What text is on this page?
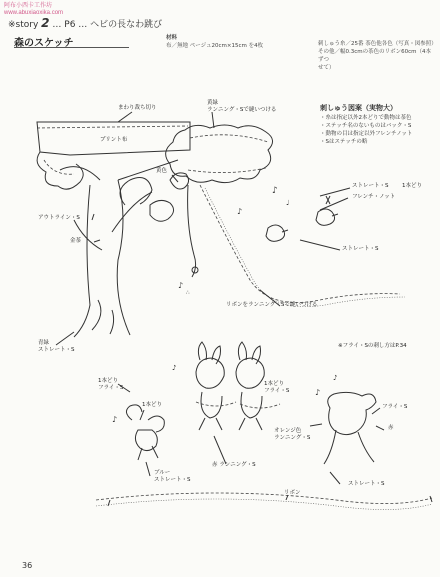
♪
♪
♪
♩
♪
♪
♪
♪
阿布小西卡工作坊
www.abuxiaoxika.com
※story 2 … P6 … ヘビの長なわ跳び
森のスケッチ	材料
布／無地 ページュ20cm×15cm を4枚	刺しゅう糸／25番 茶色他各色（写真・図参照）
その他／幅0.3cmの茶色のリボン60cm（4本ずつ
せて）
刺しゅう図案（実物大）
・糸は指定以外2本どりで動物は茶色
・ステッチ名のないものはバック・S
・動物の目は指定以外フレンチノット
・Sはステッチの略
まわり裁ち切り
黄緑
ランニング・Sで縫いつける
プリント布
黄色
アウトライン・S
金茶
ストレート・S 1本どり
フレンチ・ノット
ストレート・S
∴
リボンをランニング・Sで縫いつける
青緑
ストレート・S
※フライ・Sの刺し方はP.34
1本どり
フライ・S
1本どり
1本どり
フライ・S
フライ・S
オレンジ色
ランニング・S
赤
ブルー
ストレート・S
赤 ランニング・S
ストレート・S
リボン
36
